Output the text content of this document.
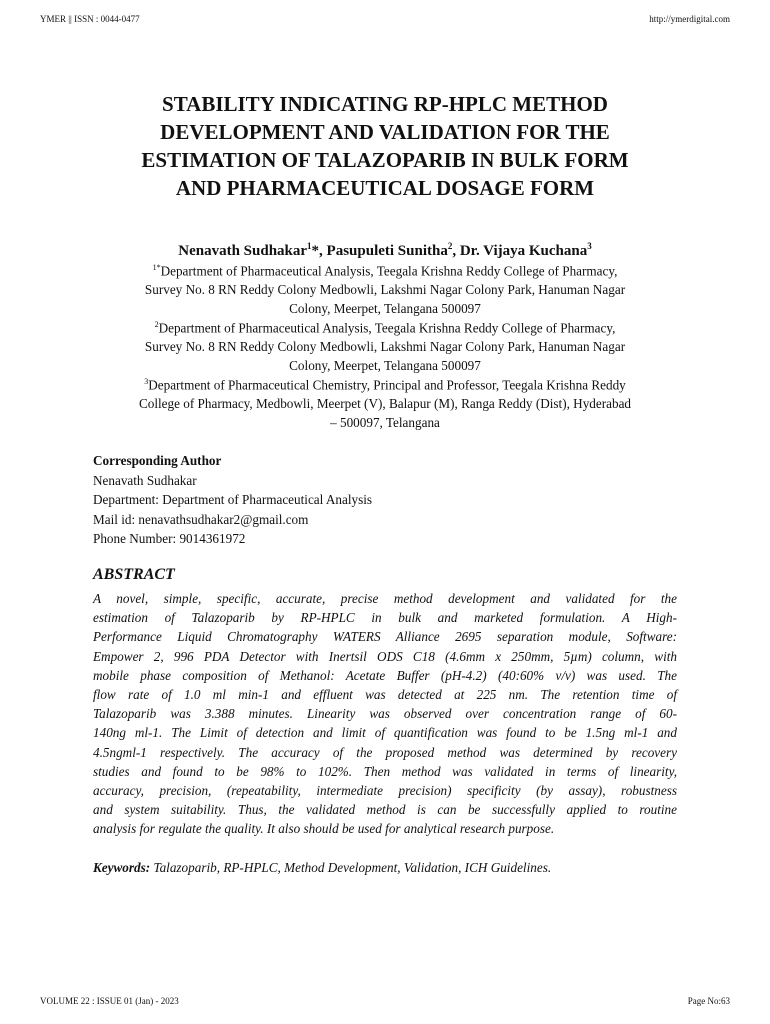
YMER || ISSN : 0044-0477	http://ymerdigital.com
STABILITY INDICATING RP-HPLC METHOD
DEVELOPMENT AND VALIDATION FOR THE
ESTIMATION OF TALAZOPARIB IN BULK FORM
AND PHARMACEUTICAL DOSAGE FORM
Nenavath Sudhakar$^1$*, Pasupuleti Sunitha$^2$, Dr. Vijaya Kuchana$^3$
$^{1*}$Department of Pharmaceutical Analysis, Teegala Krishna Reddy College of Pharmacy,
Survey No. 8 RN Reddy Colony Medbowli, Lakshmi Nagar Colony Park, Hanuman Nagar
Colony, Meerpet, Telangana 500097
$^2$Department of Pharmaceutical Analysis, Teegala Krishna Reddy College of Pharmacy,
Survey No. 8 RN Reddy Colony Medbowli, Lakshmi Nagar Colony Park, Hanuman Nagar
Colony, Meerpet, Telangana 500097
$^3$Department of Pharmaceutical Chemistry, Principal and Professor, Teegala Krishna Reddy
College of Pharmacy, Medbowli, Meerpet (V), Balapur (M), Ranga Reddy (Dist), Hyderabad
– 500097, Telangana
Corresponding Author
Nenavath Sudhakar
Department: Department of Pharmaceutical Analysis
Mail id: nenavathsudhakar2@gmail.com
Phone Number: 9014361972
ABSTRACT
A novel, simple, specific, accurate, precise method development and validated for the
estimation of Talazoparib by RP-HPLC in bulk and marketed formulation. A High-
Performance Liquid Chromatography WATERS Alliance 2695 separation module, Software:
Empower 2, 996 PDA Detector with Inertsil ODS C18 (4.6mm x 250mm, 5µm) column, with
mobile phase composition of Methanol: Acetate Buffer (pH-4.2) (40:60% v/v) was used. The
flow rate of 1.0 ml min-1 and effluent was detected at 225 nm. The retention time of
Talazoparib was 3.388 minutes. Linearity was observed over concentration range of 60-
140ng ml-1. The Limit of detection and limit of quantification was found to be 1.5ng ml-1 and
4.5ngml-1 respectively. The accuracy of the proposed method was determined by recovery
studies and found to be 98% to 102%. Then method was validated in terms of linearity,
accuracy, precision, (repeatability, intermediate precision) specificity (by assay), robustness
and system suitability. Thus, the validated method is can be successfully applied to routine
analysis for regulate the quality. It also should be used for analytical research purpose.
Keywords: Talazoparib, RP-HPLC, Method Development, Validation, ICH Guidelines.
VOLUME 22 : ISSUE 01 (Jan) - 2023	Page No:63
